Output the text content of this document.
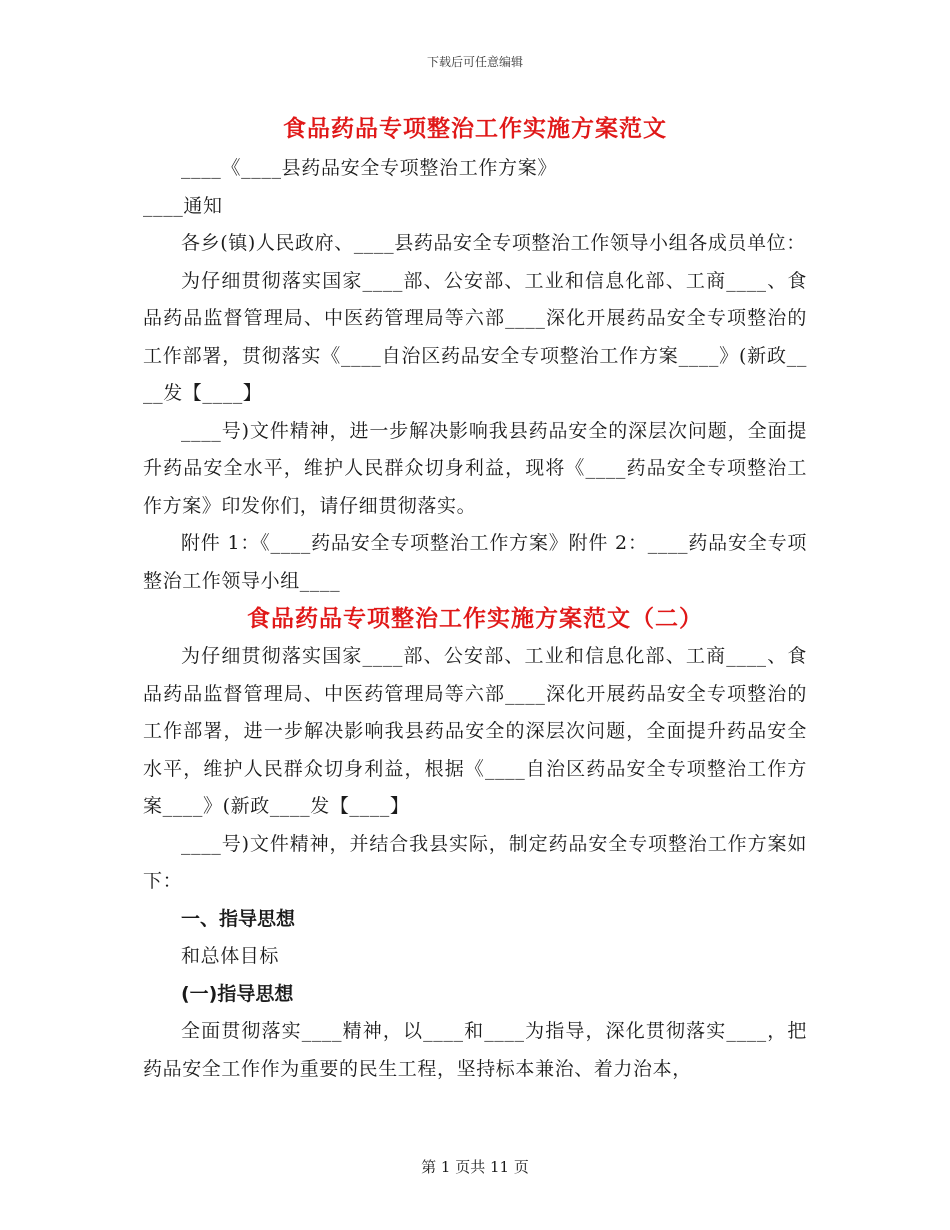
下载后可任意编辑
食品药品专项整治工作实施方案范文

____《____县药品安全专项整治工作方案》____通知

各乡(镇)人民政府、____县药品安全专项整治工作领导小组各成员单位：

为仔细贯彻落实国家____部、公安部、工业和信息化部、工商____、食品药品监督管理局、中医药管理局等六部____深化开展药品安全专项整治的工作部署，贯彻落实《____自治区药品安全专项整治工作方案____》(新政____发【____】

____号)文件精神，进一步解决影响我县药品安全的深层次问题，全面提升药品安全水平，维护人民群众切身利益，现将《____药品安全专项整治工作方案》印发你们，请仔细贯彻落实。

附件 1：《____药品安全专项整治工作方案》附件 2：____药品安全专项整治工作领导小组____

食品药品专项整治工作实施方案范文（二）

为仔细贯彻落实国家____部、公安部、工业和信息化部、工商____、食品药品监督管理局、中医药管理局等六部____深化开展药品安全专项整治的工作部署，进一步解决影响我县药品安全的深层次问题，全面提升药品安全水平，维护人民群众切身利益，根据《____自治区药品安全专项整治工作方案____》(新政____发【____】

____号)文件精神，并结合我县实际，制定药品安全专项整治工作方案如下：

一、指导思想

和总体目标

(一)指导思想

全面贯彻落实____精神，以____和____为指导，深化贯彻落实____，把药品安全工作作为重要的民生工程，坚持标本兼治、着力治本，

第 1 页共 11 页
